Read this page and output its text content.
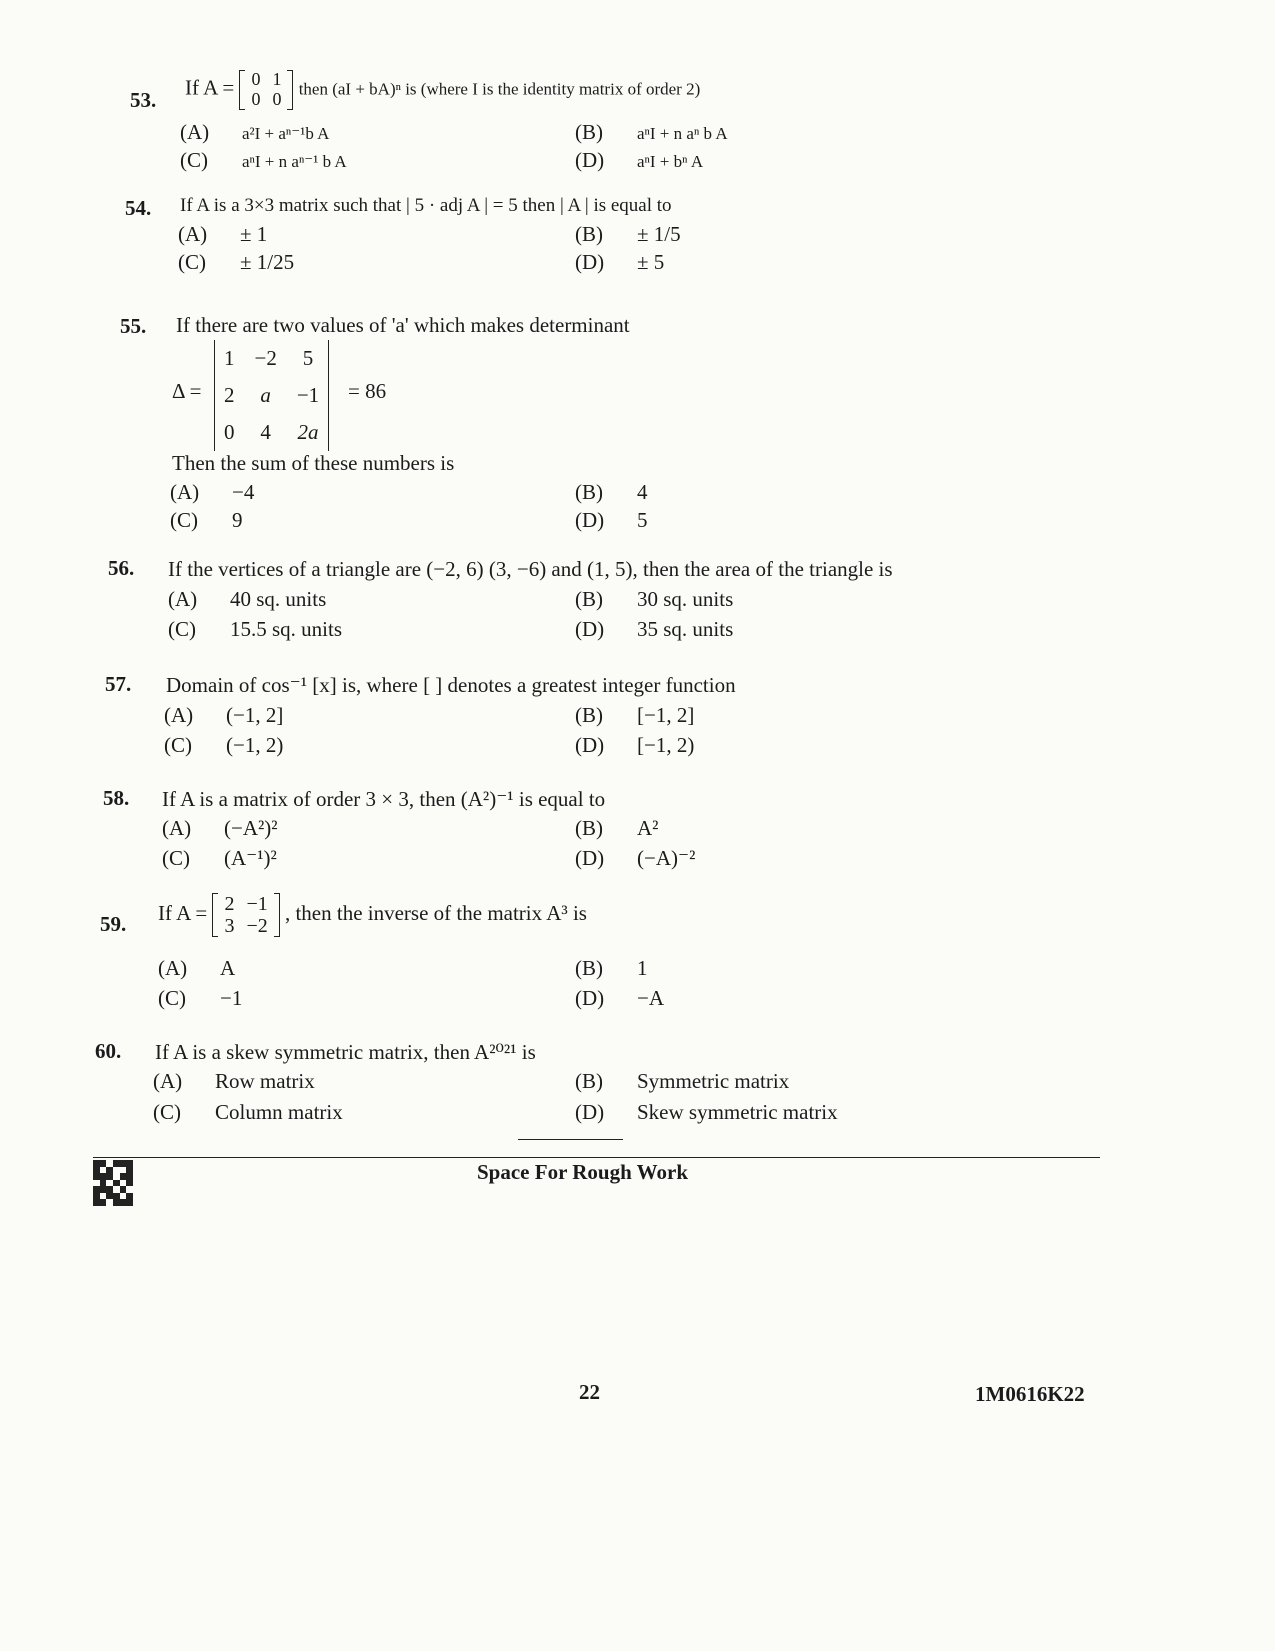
53.
If A = 0	1
0	0 then (aI + bA)ⁿ is (where I is the identity matrix of order 2)
(A) a²I + aⁿ⁻¹b A	(B) aⁿI + n aⁿ b A
(C) aⁿI + n aⁿ⁻¹ b A	(D) aⁿI + bⁿ A
54. If A is a 3×3 matrix such that | 5 · adj A | = 5 then | A | is equal to
(A) ± 1	(B) ± 1/5
(C) ± 1/25	(D) ± 5
55. If there are two values of 'a' which makes determinant
Δ =
1	−2	5
2	a	−1
0	4	2a
= 86
Then the sum of these numbers is
(A) −4	(B) 4
(C) 9	(D) 5
56. If the vertices of a triangle are (−2, 6) (3, −6) and (1, 5), then the area of the triangle is
(A) 40 sq. units	(B) 30 sq. units
(C) 15.5 sq. units	(D) 35 sq. units
57. Domain of cos⁻¹ [x] is, where [ ] denotes a greatest integer function
(A) (−1, 2]	(B) [−1, 2]
(C) (−1, 2)	(D) [−1, 2)
58. If A is a matrix of order 3 × 3, then (A²)⁻¹ is equal to
(A) (−A²)²	(B) A²
(C) (A⁻¹)²	(D) (−A)⁻²
59. If A = 2	−1
3	−2
, then the inverse of the matrix A³ is
(A) A	(B) 1
(C) −1	(D) −A
60. If A is a skew symmetric matrix, then A²⁰²¹ is
(A) Row matrix	(B) Symmetric matrix
(C) Column matrix	(D) Skew symmetric matrix
Space For Rough Work
22	1M0616K22
